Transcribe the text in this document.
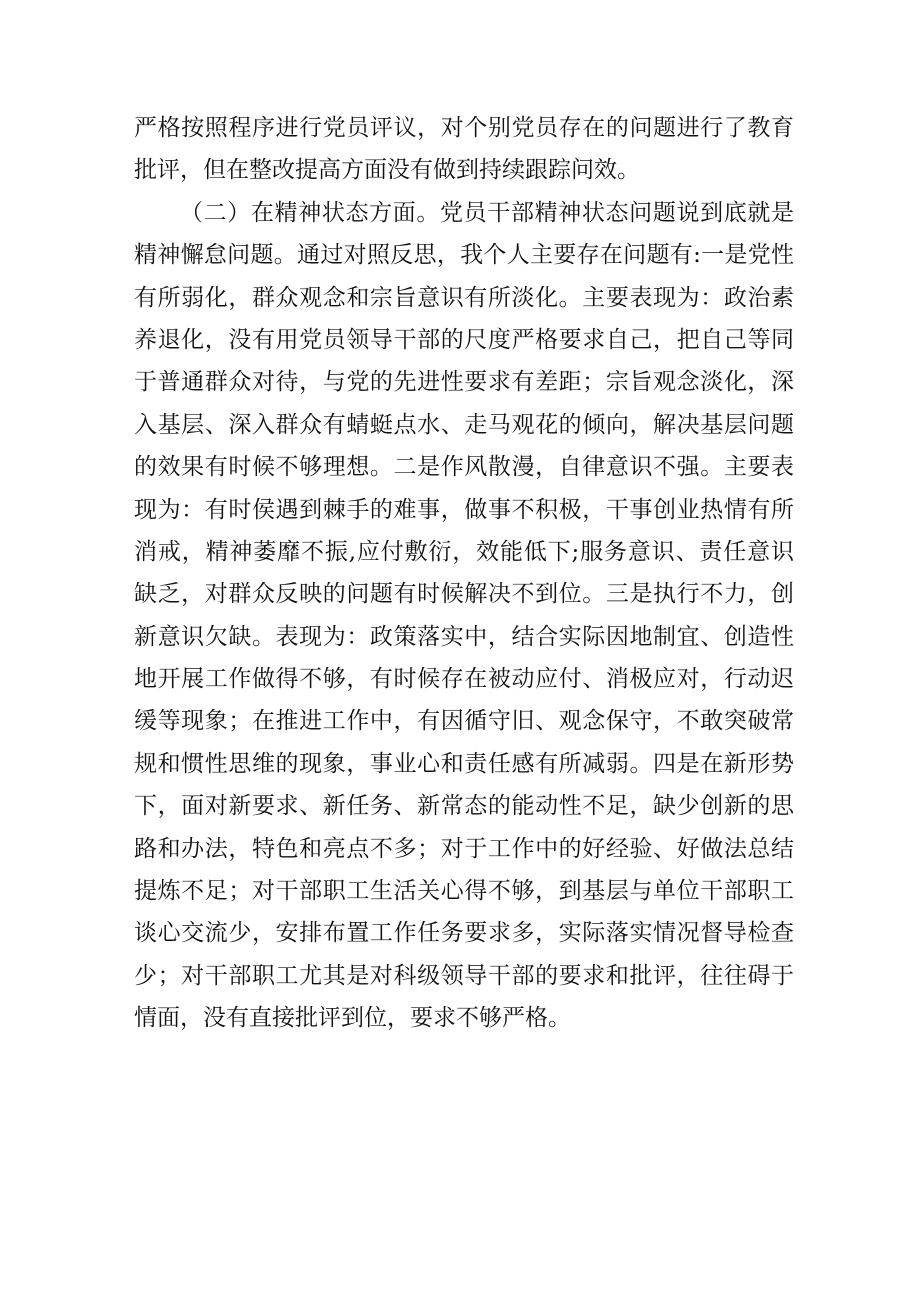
严格按照程序进行党员评议，对个别党员存在的问题进行了教育
批评，但在整改提高方面没有做到持续跟踪问效。
（二）在精神状态方面。党员干部精神状态问题说到底就是
精神懈怠问题。通过对照反思，我个人主要存在问题有:一是党性
有所弱化，群众观念和宗旨意识有所淡化。主要表现为：政治素
养退化，没有用党员领导干部的尺度严格要求自己，把自己等同
于普通群众对待，与党的先进性要求有差距；宗旨观念淡化，深
入基层、深入群众有蜻蜓点水、走马观花的倾向，解决基层问题
的效果有时候不够理想。二是作风散漫，自律意识不强。主要表
现为：有时侯遇到棘手的难事，做事不积极，干事创业热情有所
消戒，精神萎靡不振,应付敷衍，效能低下;服务意识、责任意识
缺乏，对群众反映的问题有时候解决不到位。三是执行不力，创
新意识欠缺。表现为：政策落实中，结合实际因地制宜、创造性
地开展工作做得不够，有时候存在被动应付、消极应对，行动迟
缓等现象；在推进工作中，有因循守旧、观念保守，不敢突破常
规和惯性思维的现象，事业心和责任感有所减弱。四是在新形势
下，面对新要求、新任务、新常态的能动性不足，缺少创新的思
路和办法，特色和亮点不多；对于工作中的好经验、好做法总结
提炼不足；对干部职工生活关心得不够，到基层与单位干部职工
谈心交流少，安排布置工作任务要求多，实际落实情况督导检查
少；对干部职工尤其是对科级领导干部的要求和批评，往往碍于
情面，没有直接批评到位，要求不够严格。
